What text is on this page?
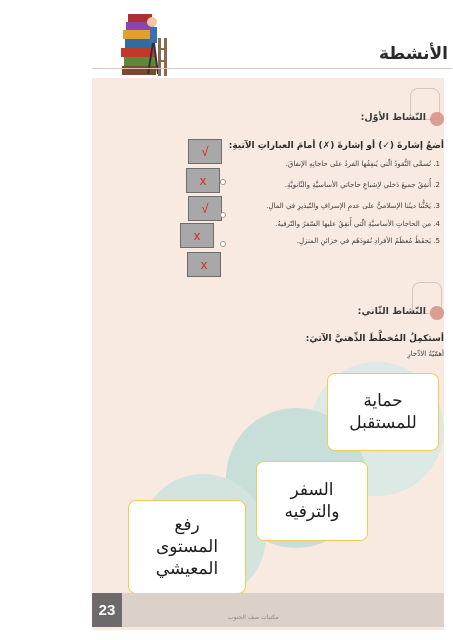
الأنشطة
النّشاط الأوّل:
أضعُ إشارةَ (✓) أو إشارةَ (✗) أمامَ العباراتِ الآتيةِ:
1. تُسمَّى النُّقودُ الّتي يُنفِقُها الفردُ على حاجاتِهِ الإنفاقَ.
2. أُنفِقُ جميعَ دَخلي لإشباعِ حاجاتي الأساسيَّةِ والثّانويَّةِ.
3. يَحُثُّنا دينُنا الإسلاميُّ على عدمِ الإسرافِ والتّبذيرِ في المالِ.
4. من الحاجاتِ الأساسيَّةِ الّتي أُنفِقُ عليها السّفرُ والتّرفيهُ.
5. يَحفَظُ مُعظَمُ الأفرادِ نُقودَهُم في خزائنِ المنزلِ.
√
x
√
x
x
النّشاط الثّاني:
أستكمِلُ المُخطَّطَ الذِّهنيَّ الآتيَ:
أهمّيّةُ الادِّخارِ
حماية
للمستقبل
السفر
والترفيه
رفع
المستوى
المعيشي
23	مكتبات صف الجنوب
